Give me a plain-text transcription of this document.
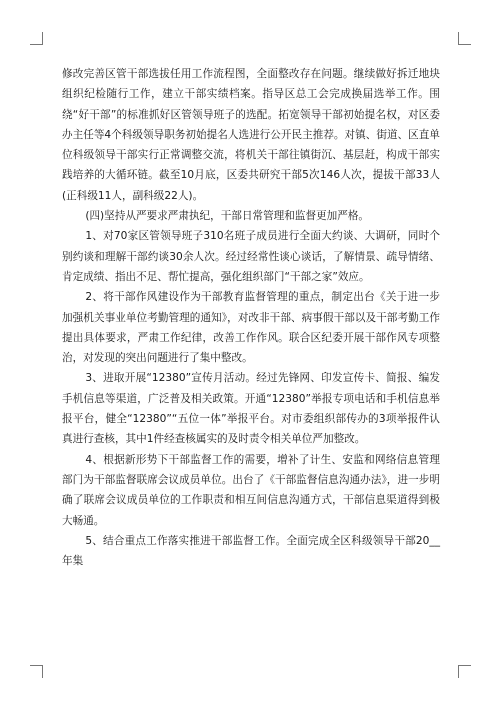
修改完善区管干部选拔任用工作流程图，全面整改存在问题。继续做好拆迁地块组织纪检随行工作，建立干部实绩档案。指导区总工会完成换届选举工作。围绕“好干部”的标准抓好区管领导班子的选配。拓宽领导干部初始提名权，对区委办主任等4个科级领导职务初始提名人选进行公开民主推荐。对镇、街道、区直单位科级领导干部实行正常调整交流，将机关干部往镇街沉、基层赶，构成干部实践培养的大循环链。截至10月底，区委共研究干部5次146人次，提拔干部33人(正科级11人，副科级22人)。

(四)坚持从严要求严肃执纪，干部日常管理和监督更加严格。

1、对70家区管领导班子310名班子成员进行全面大约谈、大调研，同时个别约谈和理解干部约谈30余人次。经过经常性谈心谈话，了解情景、疏导情绪、肯定成绩、指出不足、帮忙提高，强化组织部门“干部之家”效应。

2、将干部作风建设作为干部教育监督管理的重点，制定出台《关于进一步加强机关事业单位考勤管理的通知》，对改非干部、病事假干部以及干部考勤工作提出具体要求，严肃工作纪律，改善工作作风。联合区纪委开展干部作风专项整治，对发现的突出问题进行了集中整改。

3、进取开展“12380”宣传月活动。经过先锋网、印发宣传卡、简报、编发手机信息等渠道，广泛普及相关政策。开通“12380”举报专项电话和手机信息举报平台，健全“12380”“五位一体”举报平台。对市委组织部传办的3项举报件认真进行查核，其中1件经查核属实的及时责令相关单位严加整改。

4、根据新形势下干部监督工作的需要，增补了计生、安监和网络信息管理部门为干部监督联席会议成员单位。出台了《干部监督信息沟通办法》，进一步明确了联席会议成员单位的工作职责和相互间信息沟通方式，干部信息渠道得到极大畅通。

5、结合重点工作落实推进干部监督工作。全面完成全区科级领导干部20__年集
